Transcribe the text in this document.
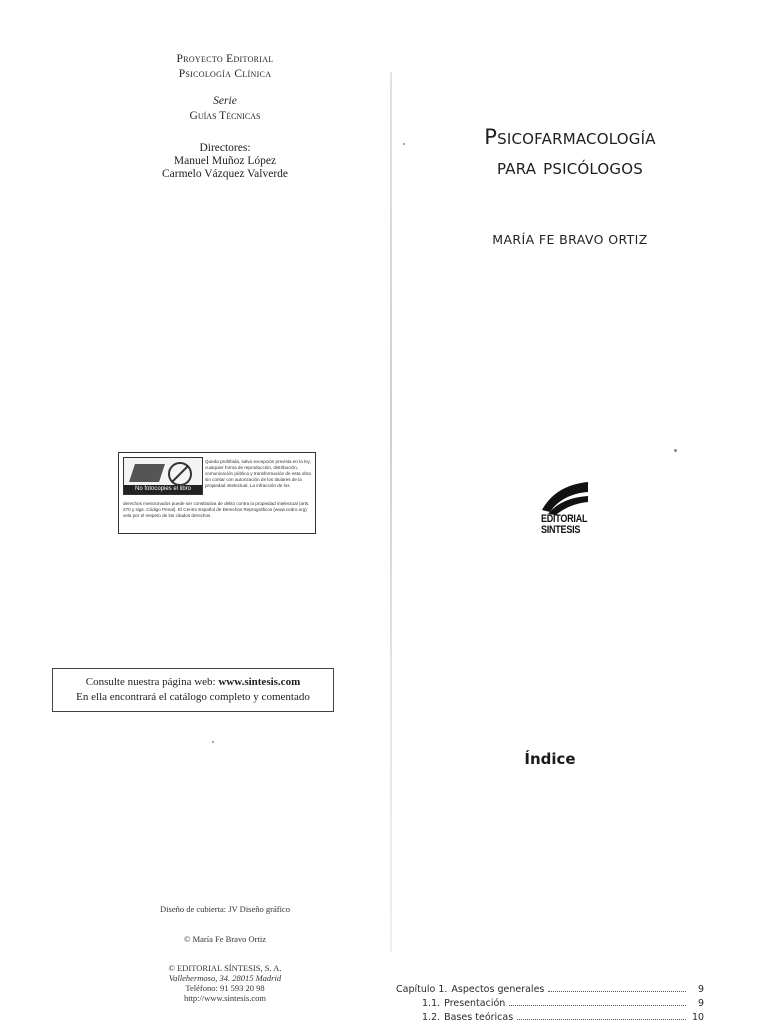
Proyecto Editorial
Psicología Clínica
Serie
Guías Técnicas
Directores:
Manuel Muñoz López
Carmelo Vázquez Valverde
No fotocopies el libro
Queda prohibida, salvo excepción prevista en la ley, cualquier forma de reproducción, distribución, comunicación pública y transformación de esta obra sin contar con autorización de los titulares de la propiedad intelectual. La infracción de los
derechos mencionados puede ser constitutiva de delito contra la propiedad intelectual (arts. 270 y sigs. Código Penal). El Centro Español de Derechos Reprográficos (www.cedro.org) vela por el respeto de los citados derechos.
Consulte nuestra página web: www.sintesis.com
En ella encontrará el catálogo completo y comentado
Diseño de cubierta: JV Diseño gráfico
© María Fe Bravo Ortiz
© EDITORIAL SÍNTESIS, S. A.
Vallehermoso, 34. 28015 Madrid
Teléfono: 91 593 20 98
http://www.sintesis.com
Psicofarmacología
para psicólogos
MARÍA FE BRAVO ORTIZ
EDITORIAL
SINTESIS
Índice
Capítulo 1. Aspectos generales	9
1.1. Presentación	9
1.2. Bases teóricas	10
